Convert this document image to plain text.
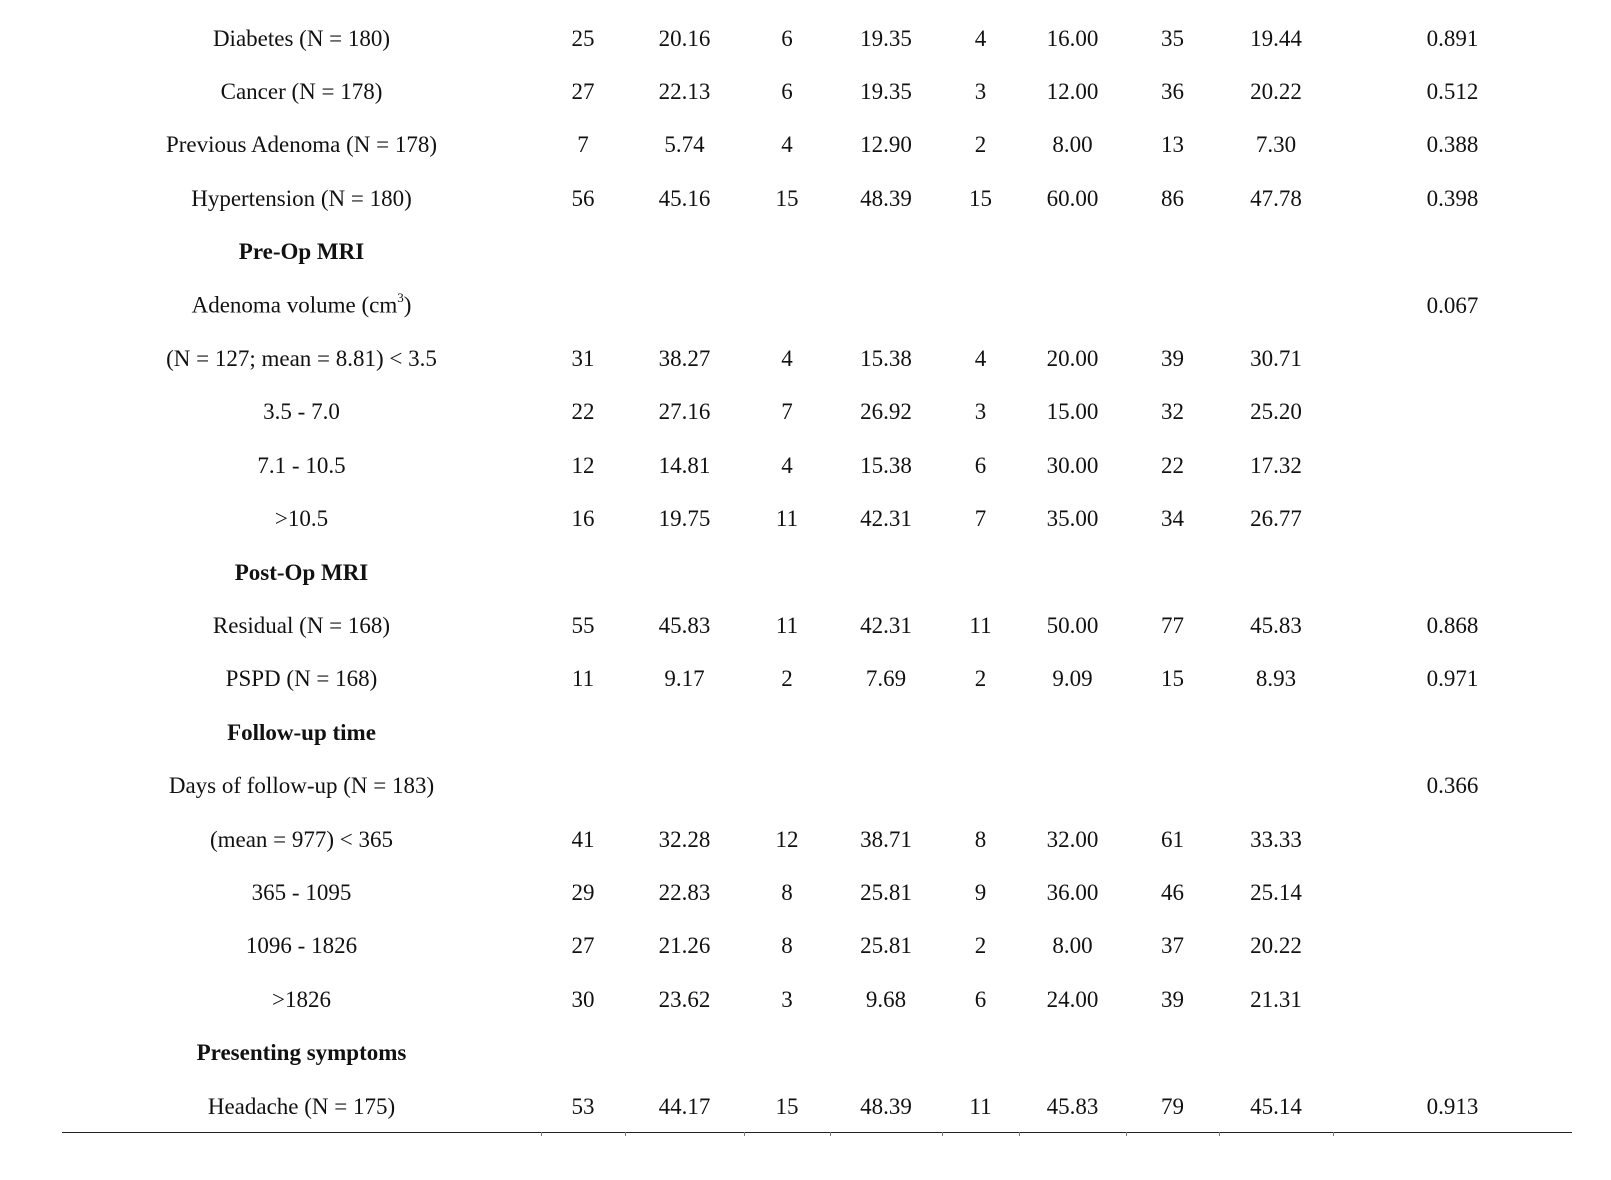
Diabetes (N = 180)	25	20.16	6	19.35	4	16.00	35	19.44	0.891
Cancer (N = 178)	27	22.13	6	19.35	3	12.00	36	20.22	0.512
Previous Adenoma (N = 178)	7	5.74	4	12.90	2	8.00	13	7.30	0.388
Hypertension (N = 180)	56	45.16	15	48.39	15	60.00	86	47.78	0.398
Pre-Op MRI									
Adenoma volume $(cm^3)$									0.067
(N = 127; mean = 8.81) < 3.5	31	38.27	4	15.38	4	20.00	39	30.71	
3.5 - 7.0	22	27.16	7	26.92	3	15.00	32	25.20	
7.1 - 10.5	12	14.81	4	15.38	6	30.00	22	17.32	
>10.5	16	19.75	11	42.31	7	35.00	34	26.77	
Post-Op MRI									
Residual (N = 168)	55	45.83	11	42.31	11	50.00	77	45.83	0.868
PSPD (N = 168)	11	9.17	2	7.69	2	9.09	15	8.93	0.971
Follow-up time									
Days of follow-up (N = 183)									0.366
(mean = 977) < 365	41	32.28	12	38.71	8	32.00	61	33.33	
365 - 1095	29	22.83	8	25.81	9	36.00	46	25.14	
1096 - 1826	27	21.26	8	25.81	2	8.00	37	20.22	
>1826	30	23.62	3	9.68	6	24.00	39	21.31	
Presenting symptoms									
Headache (N = 175)	53	44.17	15	48.39	11	45.83	79	45.14	0.913
